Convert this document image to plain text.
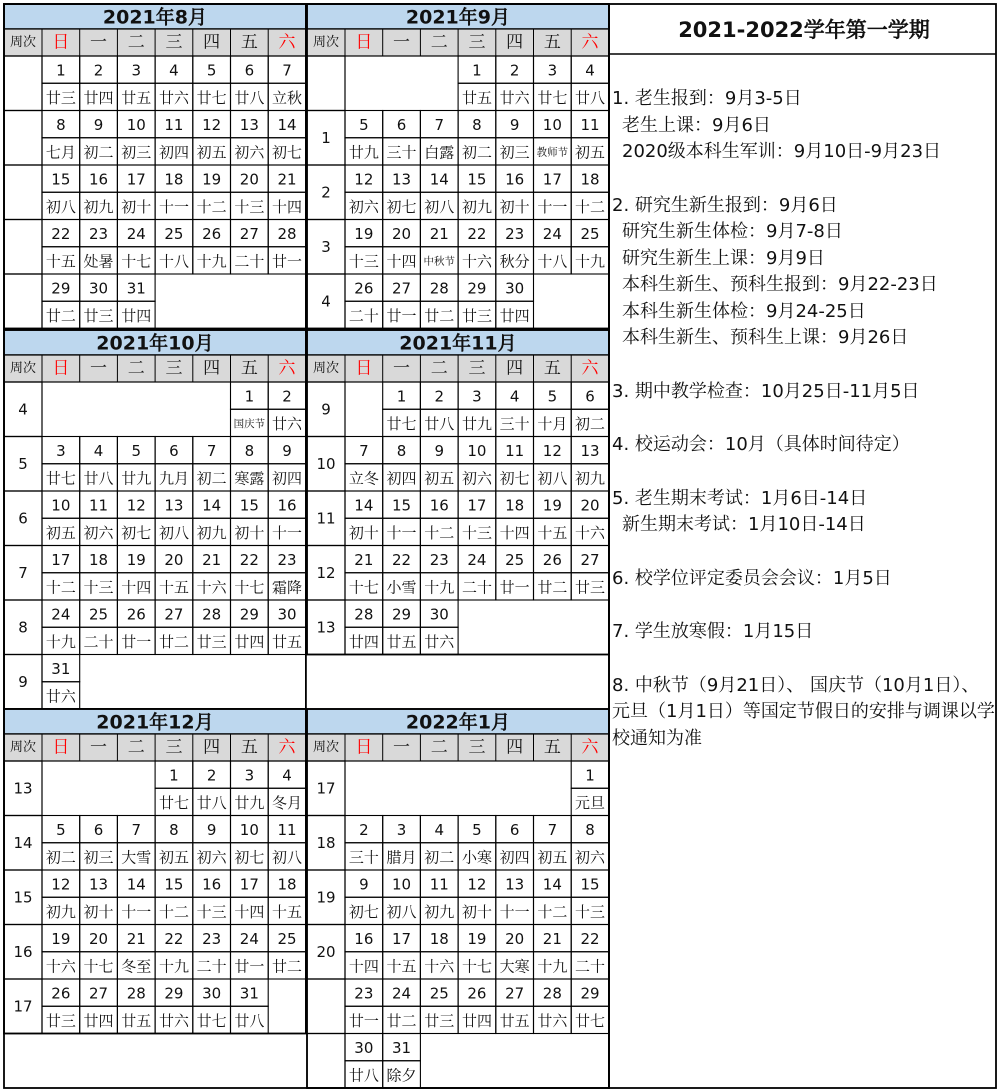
2021年8月
周次 日 一 二 三 四 五 六
1
廿三
2
廿四
3
廿五
4
廿六
5
廿七
6
廿八
7
立秋
8
七月
9
初二
10
初三
11
初四
12
初五
13
初六
14
初七
15
初八
16
初九
17
初十
18
十一
19
十二
20
十三
21
十四
22
十五
23
处暑
24
十七
25
十八
26
十九
27
二十
28
廿一
29
廿二
30
廿三
31
廿四
2021年9月
周次 日 一 二 三 四 五 六
1
廿五
2
廿六
3
廿七
4
廿八
1
5
廿九
6
三十
7
白露
8
初二
9
初三
10
教师节
11
初五
2
12
初六
13
初七
14
初八
15
初九
16
初十
17
十一
18
十二
3
19
十三
20
十四
21
中秋节
22
十六
23
秋分
24
十八
25
十九
4
26
二十
27
廿一
28
廿二
29
廿三
30
廿四
2021年10月
周次 日 一 二 三 四 五 六
4
1
国庆节
2
廿六
5
3
廿七
4
廿八
5
廿九
6
九月
7
初二
8
寒露
9
初四
6
10
初五
11
初六
12
初七
13
初八
14
初九
15
初十
16
十一
7
17
十二
18
十三
19
十四
20
十五
21
十六
22
十七
23
霜降
8
24
十九
25
二十
26
廿一
27
廿二
28
廿三
29
廿四
30
廿五
9
31
廿六
2021年11月
周次 日 一 二 三 四 五 六
9
1
廿七
2
廿八
3
廿九
4
三十
5
十月
6
初二
10
7
立冬
8
初四
9
初五
10
初六
11
初七
12
初八
13
初九
11
14
初十
15
十一
16
十二
17
十三
18
十四
19
十五
20
十六
12
21
十七
22
小雪
23
十九
24
二十
25
廿一
26
廿二
27
廿三
13
28
廿四
29
廿五
30
廿六
2021年12月
周次 日 一 二 三 四 五 六
13
1
廿七
2
廿八
3
廿九
4
冬月
14
5
初二
6
初三
7
大雪
8
初五
9
初六
10
初七
11
初八
15
12
初九
13
初十
14
十一
15
十二
16
十三
17
十四
18
十五
16
19
十六
20
十七
21
冬至
22
十九
23
二十
24
廿一
25
廿二
17
26
廿三
27
廿四
28
廿五
29
廿六
30
廿七
31
廿八
2022年1月
周次 日 一 二 三 四 五 六
17
1
元旦
18
2
三十
3
腊月
4
初二
5
小寒
6
初四
7
初五
8
初六
19
9
初七
10
初八
11
初九
12
初十
13
十一
14
十二
15
十三
20
16
十四
17
十五
18
十六
19
十七
20
大寒
21
十九
22
二十
23
廿一
24
廿二
25
廿三
26
廿四
27
廿五
28
廿六
29
廿七
30
廿八
31
除夕
2021-2022学年第一学期
1. 老生报到：9月3-5日
老生上课：9月6日
2020级本科生军训：9月10日-9月23日
2. 研究生新生报到：9月6日
研究生新生体检：9月7-8日
研究生新生上课：9月9日
本科生新生、预科生报到：9月22-23日
本科生新生体检：9月24-25日
本科生新生、预科生上课：9月26日
3. 期中教学检查：10月25日-11月5日
4. 校运动会：10月（具体时间待定）
5. 老生期末考试：1月6日-14日
新生期末考试：1月10日-14日
6. 校学位评定委员会会议：1月5日
7. 学生放寒假：1月15日
8. 中秋节（9月21日）、 国庆节（10月1日）、元旦（1月1日）等国定节假日的安排与调课以学校通知为准
